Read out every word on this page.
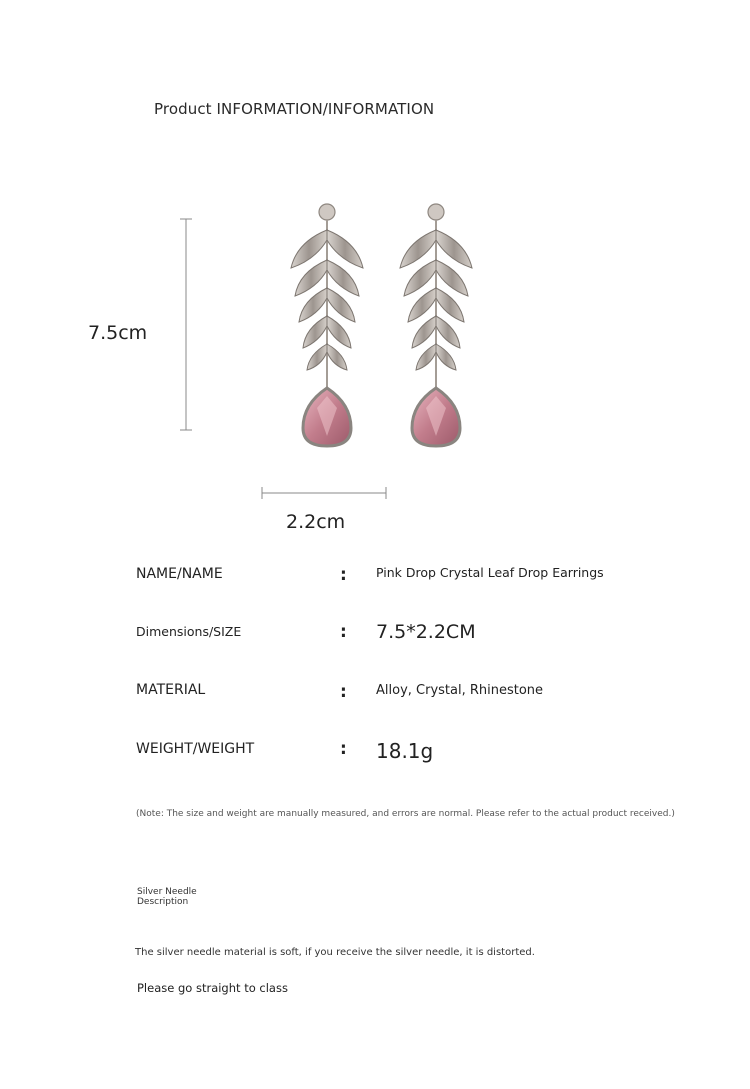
Product INFORMATION/INFORMATION
7.5cm
2.2cm
NAME/NAME	: Pink Drop Crystal Leaf Drop Earrings
Dimensions/SIZE	: 7.5*2.2CM
MATERIAL	: Alloy, Crystal, Rhinestone
WEIGHT/WEIGHT	: 18.1g
(Note: The size and weight are manually measured, and errors are normal. Please refer to the actual product received.)
Silver Needle Description
The silver needle material is soft, if you receive the silver needle, it is distorted.
Please go straight to class
